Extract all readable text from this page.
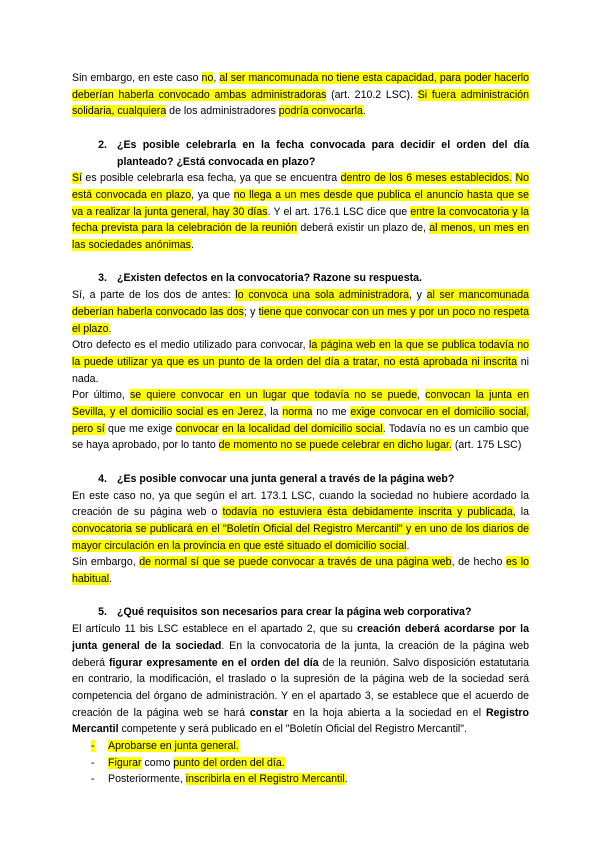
Sin embargo, en este caso no, al ser mancomunada no tiene esta capacidad, para poder hacerlo deberían haberla convocado ambas administradoras (art. 210.2 LSC). Si fuera administración solidaria, cualquiera de los administradores podría convocarla.

2. ¿Es posible celebrarla en la fecha convocada para decidir el orden del día planteado? ¿Está convocada en plazo?

Sí es posible celebrarla esa fecha, ya que se encuentra dentro de los 6 meses establecidos. No está convocada en plazo, ya que no llega a un mes desde que publica el anuncio hasta que se va a realizar la junta general, hay 30 días. Y el art. 176.1 LSC dice que entre la convocatoria y la fecha prevista para la celebración de la reunión deberá existir un plazo de, al menos, un mes en las sociedades anónimas.

3. ¿Existen defectos en la convocatoria? Razone su respuesta.

Sí, a parte de los dos de antes: lo convoca una sola administradora, y al ser mancomunada deberían haberla convocado las dos; y tiene que convocar con un mes y por un poco no respeta el plazo.

Otro defecto es el medio utilizado para convocar, la página web en la que se publica todavía no la puede utilizar ya que es un punto de la orden del día a tratar, no está aprobada ni inscrita ni nada.

Por último, se quiere convocar en un lugar que todavía no se puede, convocan la junta en Sevilla, y el domicilio social es en Jerez, la norma no me exige convocar en el domicilio social, pero sí que me exige convocar en la localidad del domicilio social. Todavía no es un cambio que se haya aprobado, por lo tanto de momento no se puede celebrar en dicho lugar. (art. 175 LSC)

4. ¿Es posible convocar una junta general a través de la página web?

En este caso no, ya que según el art. 173.1 LSC, cuando la sociedad no hubiere acordado la creación de su página web o todavía no estuviera ésta debidamente inscrita y publicada, la convocatoria se publicará en el "Boletín Oficial del Registro Mercantil" y en uno de los diarios de mayor circulación en la provincia en que esté situado el domicilio social.

Sin embargo, de normal sí que se puede convocar a través de una página web, de hecho es lo habitual.

5. ¿Qué requisitos son necesarios para crear la página web corporativa?

El artículo 11 bis LSC establece en el apartado 2, que su creación deberá acordarse por la junta general de la sociedad. En la convocatoria de la junta, la creación de la página web deberá figurar expresamente en el orden del día de la reunión. Salvo disposición estatutaria en contrario, la modificación, el traslado o la supresión de la página web de la sociedad será competencia del órgano de administración. Y en el apartado 3, se establece que el acuerdo de creación de la página web se hará constar en la hoja abierta a la sociedad en el Registro Mercantil competente y será publicado en el "Boletín Oficial del Registro Mercantil".

-	Aprobarse en junta general.
-	Figurar como punto del orden del día.
-	Posteriormente, inscribirla en el Registro Mercantil.
